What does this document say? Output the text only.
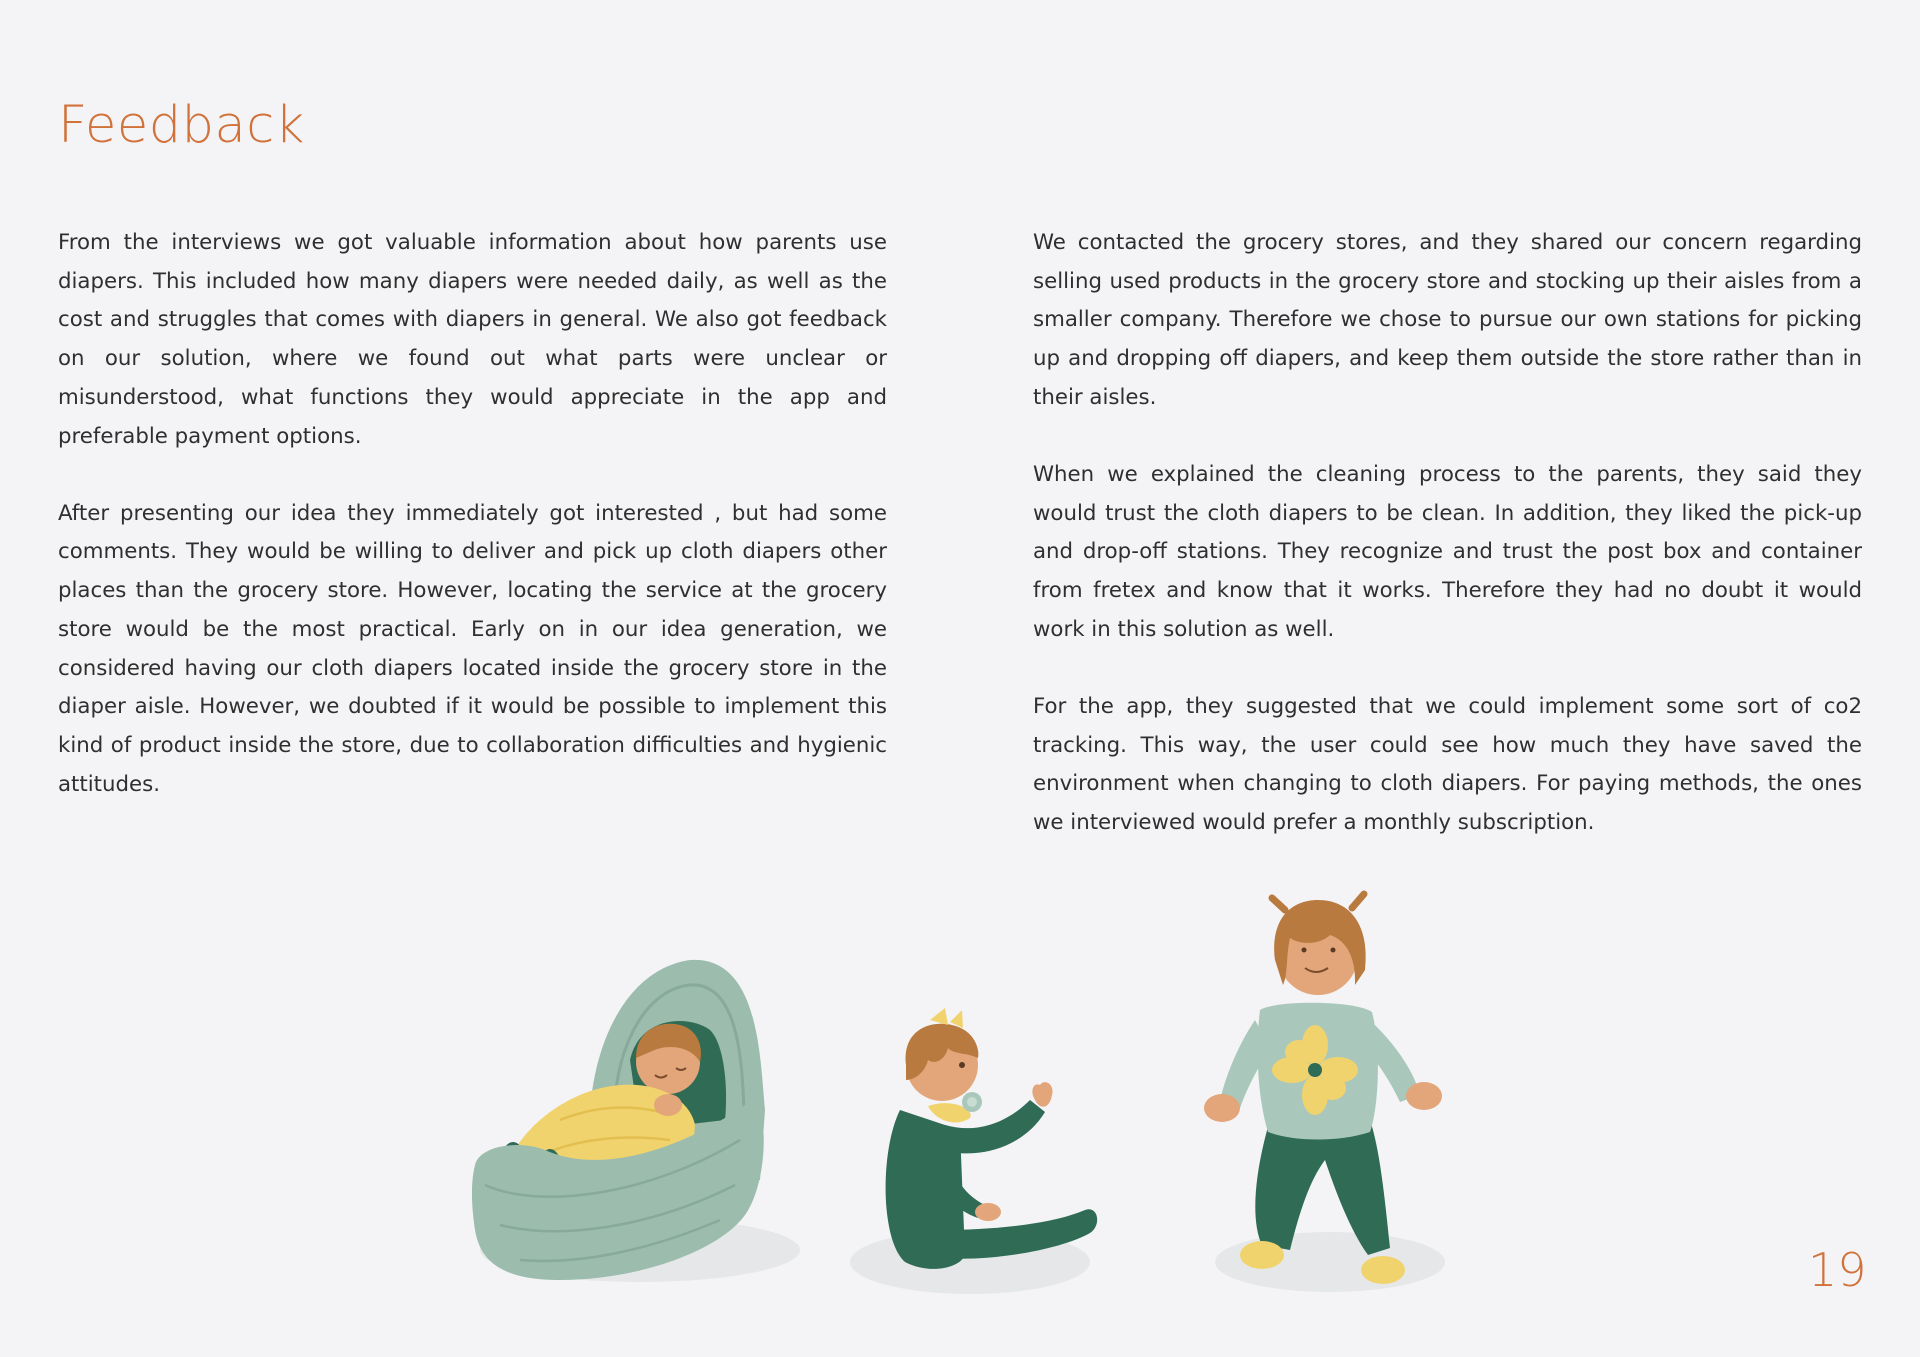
Feedback

From the interviews we got valuable information about how parents use diapers. This included how many diapers were needed daily, as well as the cost and struggles that comes with diapers in general. We also got feedback on our solution, where we found out what parts were unclear or misunderstood, what functions they would appreciate in the app and preferable payment options.

After presenting our idea they immediately got interested , but had some comments. They would be willing to deliver and pick up cloth diapers other places than the grocery store. However, locating the service at the grocery store would be the most practical. Early on in our idea generation, we considered having our cloth diapers located inside the grocery store in the diaper aisle. However, we doubted if it would be possible to implement this kind of product inside the store, due to collaboration difficulties and hygienic attitudes.

We contacted the grocery stores, and they shared our concern regarding selling used products in the grocery store and stocking up their aisles from a smaller company. Therefore we chose to pursue our own stations for picking up and dropping off diapers, and keep them outside the store rather than in their aisles.

When we explained the cleaning process to the parents, they said they would trust the cloth diapers to be clean. In addition, they liked the pick-up and drop-off stations. They recognize and trust the post box and container from fretex and know that it works. Therefore they had no doubt it would work in this solution as well.

For the app, they suggested that we could implement some sort of co2 tracking. This way, the user could see how much they have saved the environment when changing to cloth diapers. For paying methods, the ones we interviewed would prefer a monthly subscription.

19
